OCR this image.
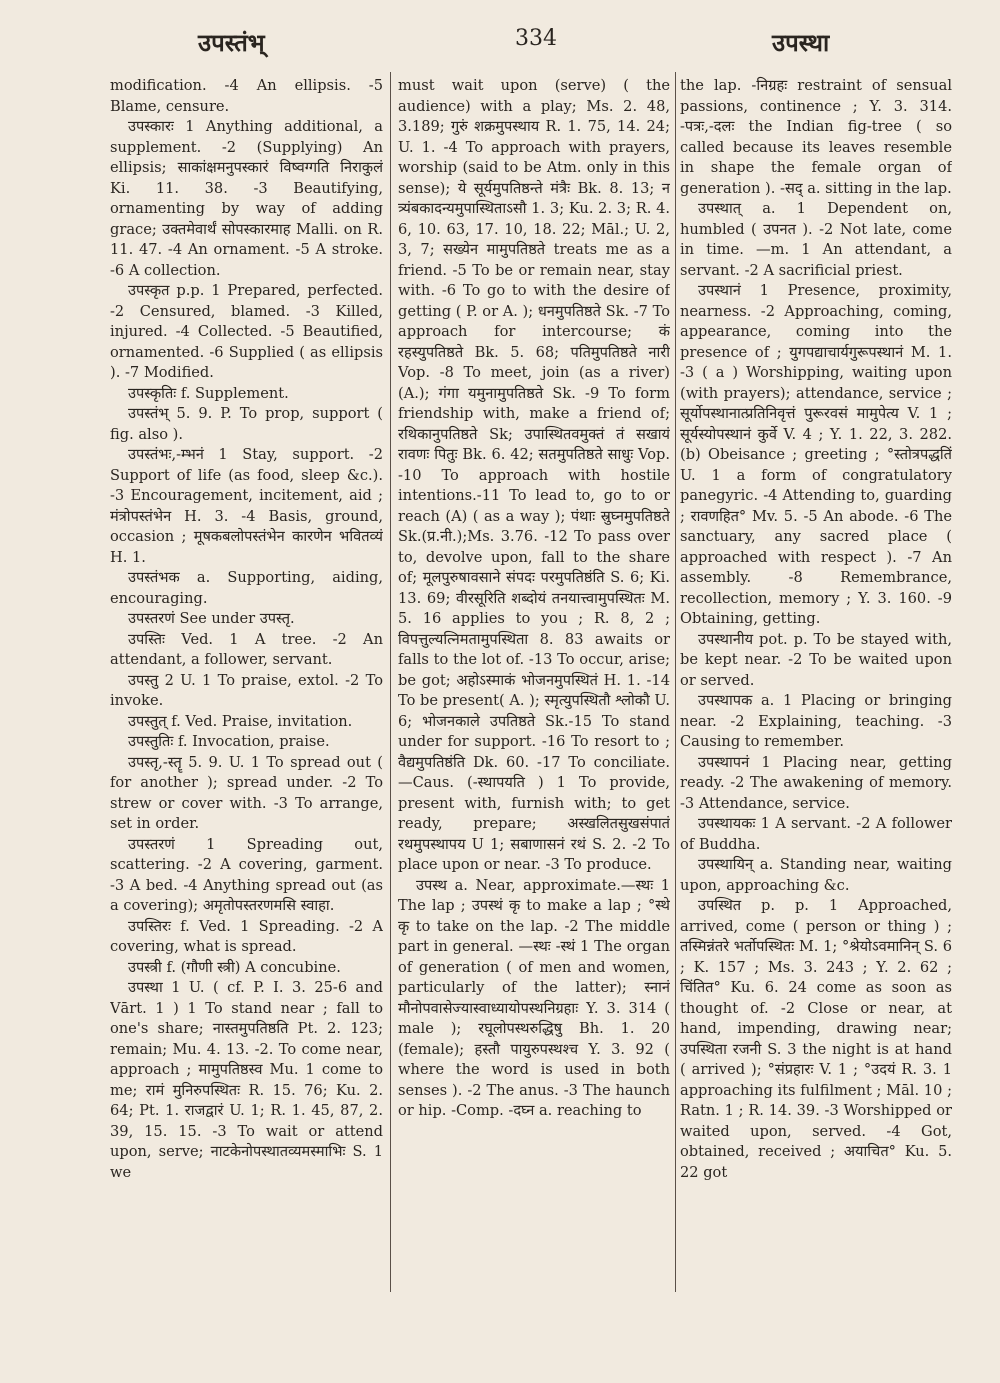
उपस्तंभ्	334	उपस्था

modification. -4 An ellipsis. -5 Blame, censure.

उपस्कारः 1 Anything additional, a supplement. -2 (Supplying) An ellipsis; साकांक्षमनुपस्कारं विष्वग्गति निराकुलं Ki. 11. 38. -3 Beautifying, ornamenting by way of adding grace; उक्तमेवार्थं सोपस्कारमाह Malli. on R. 11. 47. -4 An ornament. -5 A stroke. -6 A collection.

उपस्कृत p.p. 1 Prepared, perfected. -2 Censured, blamed. -3 Killed, injured. -4 Collected. -5 Beautified, ornamented. -6 Supplied ( as ellipsis ). -7 Modified.

उपस्कृतिः f. Supplement.

उपस्तंभ् 5. 9. P. To prop, support ( fig. also ).

उपस्तंभः,-म्भनं 1 Stay, support. -2 Support of life (as food, sleep &c.). -3 Encouragement, incitement, aid ; मंत्रोपस्तंभेन H. 3. -4 Basis, ground, occasion ; मूषकबलोपस्तंभेन कारणेन भवितव्यं H. 1.

उपस्तंभक a. Supporting, aiding, encouraging.

उपस्तरणं See under उपस्तृ.

उपस्तिः Ved. 1 A tree. -2 An attendant, a follower, servant.

उपस्तु 2 U. 1 To praise, extol. -2 To invoke.

उपस्तुत् f. Ved. Praise, invitation.

उपस्तुतिः f. Invocation, praise.

उपस्तृ,-स्तॄ 5. 9. U. 1 To spread out ( for another ); spread under. -2 To strew or cover with. -3 To arrange, set in order.

उपस्तरणं 1 Spreading out, scattering. -2 A covering, garment. -3 A bed. -4 Anything spread out (as a covering); अमृतोपस्तरणमसि स्वाहा.

उपस्तिरः f. Ved. 1 Spreading. -2 A covering, what is spread.

उपस्त्री f. (गौणी स्त्री) A concubine.

उपस्था 1 U. ( cf. P. I. 3. 25-6 and Vārt. 1 ) 1 To stand near ; fall to one's share; नास्तमुपतिष्ठति Pt. 2. 123; remain; Mu. 4. 13. -2. To come near, approach ; मामुपतिष्ठस्व Mu. 1 come to me; रामं मुनिरुपस्थितः R. 15. 76; Ku. 2. 64; Pt. 1. राजद्वारं U. 1; R. 1. 45, 87, 2. 39, 15. 15. -3 To wait or attend upon, serve; नाटकेनोपस्थातव्यमस्माभिः S. 1 we

must wait upon (serve) ( the audience) with a play; Ms. 2. 48, 3.189; गुरुं शक्रमुपस्थाय R. 1. 75, 14. 24; U. 1. -4 To approach with prayers, worship (said to be Atm. only in this sense); ये सूर्यमुपतिष्ठन्ते मंत्रैः Bk. 8. 13; न त्र्यंबकादन्यमुपास्थिताऽसौ 1. 3; Ku. 2. 3; R. 4. 6, 10. 63, 17. 10, 18. 22; Māl.; U. 2, 3, 7; सख्येन मामुपतिष्ठते treats me as a friend. -5 To be or remain near, stay with. -6 To go to with the desire of getting ( P. or A. ); धनमुपतिष्ठते Sk. -7 To approach for intercourse; कं रहस्युपतिष्ठते Bk. 5. 68; पतिमुपतिष्ठते नारी Vop. -8 To meet, join (as a river) (A.); गंगा यमुनामुपतिष्ठते Sk. -9 To form friendship with, make a friend of; रथिकानुपतिष्ठते Sk; उपास्थितवमुक्तं तं सखायं रावणः पितुः Bk. 6. 42; सतमुपतिष्ठते साधुः Vop. -10 To approach with hostile intentions.-11 To lead to, go to or reach (A) ( as a way ); पंथाः स्रुघ्नमुपतिष्ठते Sk.(प्र.नी.);Ms. 3.76. -12 To pass over to, devolve upon, fall to the share of; मूलपुरुषावसाने संपदः परमुपतिष्ठंति S. 6; Ki. 13. 69; वीरसूरिति शब्दोयं तनयात्त्वामुपस्थितः M. 5. 16 applies to you ; R. 8, 2 ; विपत्तुल्यत्निमतामुपस्थिता 8. 83 awaits or falls to the lot of. -13 To occur, arise; be got; अहोऽस्माकं भोजनमुपस्थितं H. 1. -14 To be present( A. ); स्मृत्युपस्थितौ श्लोकौ U. 6; भोजनकाले उपतिष्ठते Sk.-15 To stand under for support. -16 To resort to ; वैद्यमुपतिष्ठंति Dk. 60. -17 To conciliate. —Caus. (-स्थापयति ) 1 To provide, present with, furnish with; to get ready, prepare; अस्खलितसुखसंपातं रथमुपस्थापय U 1; सबाणासनं रथं S. 2. -2 To place upon or near. -3 To produce.

उपस्थ a. Near, approximate.—स्थः 1 The lap ; उपस्थं कृ to make a lap ; °स्थे कृ to take on the lap. -2 The middle part in general. —स्थः -स्थं 1 The organ of generation ( of men and women, particularly of the latter); स्नानं मौनोपवासेज्यास्वाध्यायोपस्थनिग्रहाः Y. 3. 314 ( male ); रघूलोपस्थरुद्धिषु Bh. 1. 20 (female); हस्तौ पायुरुपस्थश्च Y. 3. 92 ( where the word is used in both senses ). -2 The anus. -3 The haunch or hip. -Comp. -दघ्न a. reaching to

the lap. -निग्रहः restraint of sensual passions, continence ; Y. 3. 314. -पत्रः,-दलः the Indian fig-tree ( so called because its leaves resemble in shape the female organ of generation ). -सद् a. sitting in the lap.

उपस्थात् a. 1 Dependent on, humbled ( उपनत ). -2 Not late, come in time. —m. 1 An attendant, a servant. -2 A sacrificial priest.

उपस्थानं 1 Presence, proximity, nearness. -2 Approaching, coming, appearance, coming into the presence of ; युगपद्याचार्यगुरूपस्थानं M. 1. -3 ( a ) Worshipping, waiting upon (with prayers); attendance, service ; सूर्योपस्थानात्प्रतिनिवृत्तं पुरूरवसं मामुपेत्य V. 1 ; सूर्यस्योपस्थानं कुर्वे V. 4 ; Y. 1. 22, 3. 282. (b) Obeisance ; greeting ; °स्तोत्रपद्धतिं U. 1 a form of congratulatory panegyric. -4 Attending to, guarding ; रावणहित° Mv. 5. -5 An abode. -6 The sanctuary, any sacred place ( approached with respect ). -7 An assembly. -8 Remembrance, recollection, memory ; Y. 3. 160. -9 Obtaining, getting.

उपस्थानीय pot. p. To be stayed with, be kept near. -2 To be waited upon or served.

उपस्थापक a. 1 Placing or bringing near. -2 Explaining, teaching. -3 Causing to remember.

उपस्थापनं 1 Placing near, getting ready. -2 The awakening of memory. -3 Attendance, service.

उपस्थायकः 1 A servant. -2 A follower of Buddha.

उपस्थायिन् a. Standing near, waiting upon, approaching &c.

उपस्थित p. p. 1 Approached, arrived, come ( person or thing ) ; तस्मिन्नंतरे भर्तोपस्थितः M. 1; °श्रेयोऽवमानिन् S. 6 ; K. 157 ; Ms. 3. 243 ; Y. 2. 62 ; चिंतित° Ku. 6. 24 come as soon as thought of. -2 Close or near, at hand, impending, drawing near; उपस्थिता रजनी S. 3 the night is at hand ( arrived ); °संप्रहारः V. 1 ; °उदयं R. 3. 1 approaching its fulfilment ; Māl. 10 ; Ratn. 1 ; R. 14. 39. -3 Worshipped or waited upon, served. -4 Got, obtained, received ; अयाचित° Ku. 5. 22 got
